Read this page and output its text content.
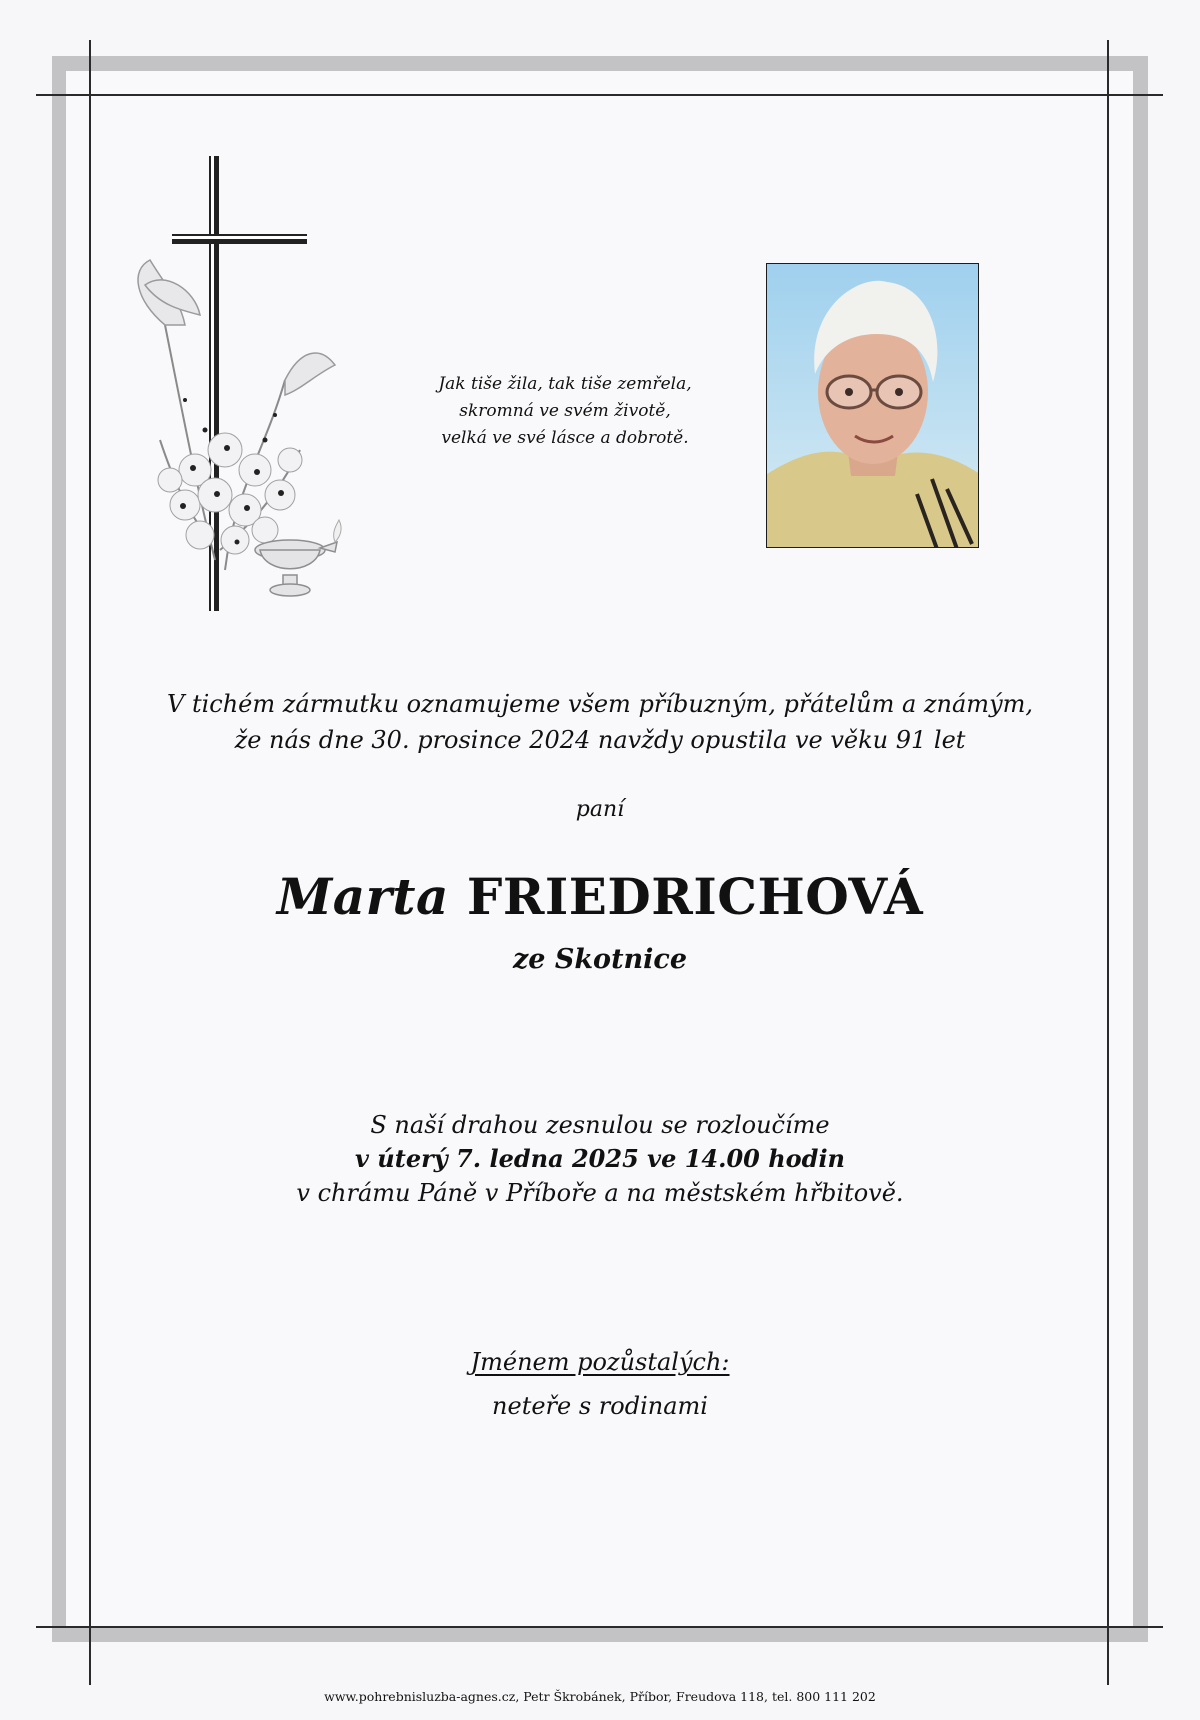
Jak tiše žila, tak tiše zemřela,
skromná ve svém životě,
velká ve své lásce a dobrotě.
V tichém zármutku oznamujeme všem příbuzným, přátelům a známým,
že nás dne 30. prosince 2024 navždy opustila ve věku 91 let
paní
Marta FRIEDRICHOVÁ
ze Skotnice
S naší drahou zesnulou se rozloučíme
v úterý 7. ledna 2025 ve 14.00 hodin
v chrámu Páně v Příboře a na městském hřbitově.
Jménem pozůstalých:
neteře s rodinami
www.pohrebnisluzba-agnes.cz, Petr Škrobánek, Příbor, Freudova 118, tel. 800 111 202
